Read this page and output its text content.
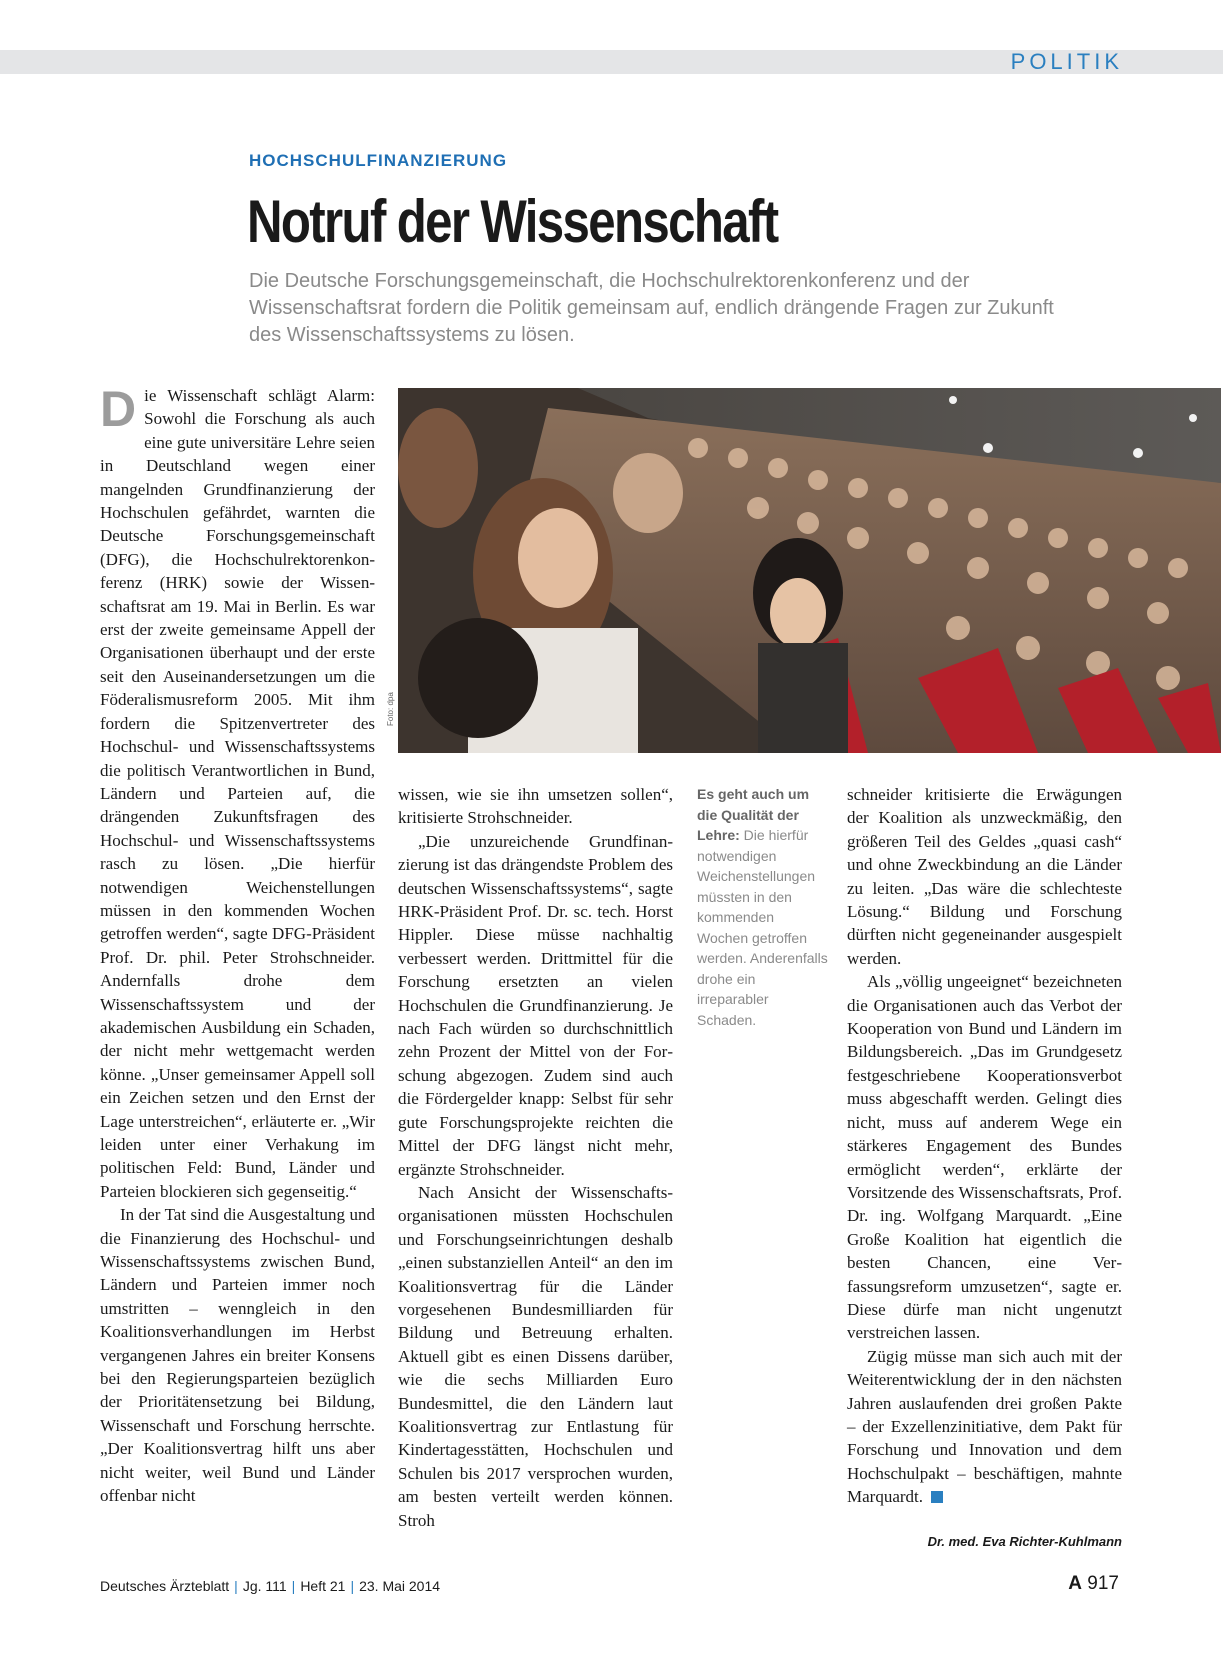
POLITIK
HOCHSCHULFINANZIERUNG
Notruf der Wissenschaft
Die Deutsche Forschungsgemeinschaft, die Hochschulrektorenkonferenz und der Wissenschaftsrat fordern die Politik gemeinsam auf, endlich drängende Fragen zur Zukunft des Wissenschaftssystems zu lösen.

Die Wissenschaft schlägt Alarm: Sowohl die Forschung als auch eine gute universitäre Lehre seien in Deutschland wegen einer mangelnden Grundfinanzierung der Hochschulen gefährdet, warnten die Deutsche Forschungsgemeinschaft (DFG), die Hochschulrektorenkonferenz (HRK) sowie der Wissenschaftsrat am 19. Mai in Berlin. Es war erst der zweite gemeinsame Appell der Organisationen überhaupt und der erste seit den Auseinandersetzungen um die Föderalismusreform 2005. Mit ihm fordern die Spitzenvertreter des Hochschul- und Wissenschaftssystems die politisch Verantwortlichen in Bund, Ländern und Parteien auf, die drängenden Zukunftsfragen des Hochschul- und Wissenschaftssystems rasch zu lösen. „Die hierfür notwendigen Weichenstellungen müssen in den kommenden Wochen getroffen werden“, sagte DFG-Präsident Prof. Dr. phil. Peter Strohschneider. Andernfalls drohe dem Wissenschaftssystem und der akademischen Ausbildung ein Schaden, der nicht mehr wettgemacht werden könne. „Unser gemeinsamer Appell soll ein Zeichen setzen und den Ernst der Lage unterstreichen“, erläuterte er. „Wir leiden unter einer Verhakung im politischen Feld: Bund, Länder und Parteien blockieren sich gegenseitig.“

In der Tat sind die Ausgestaltung und die Finanzierung des Hochschul- und Wissenschaftssystems zwischen Bund, Ländern und Parteien immer noch umstritten – wenngleich in den Koalitionsverhandlungen im Herbst vergangenen Jahres ein breiter Konsens bei den Regierungsparteien bezüglich der Prioritätensetzung bei Bildung, Wissenschaft und Forschung herrschte. „Der Koalitionsvertrag hilft uns aber nicht weiter, weil Bund und Länder offenbar nicht

Foto: dpa

wissen, wie sie ihn umsetzen sollen“, kritisierte Strohschneider.

„Die unzureichende Grundfinanzierung ist das drängendste Problem des deutschen Wissenschaftssystems“, sagte HRK-Präsident Prof. Dr. sc. tech. Horst Hippler. Diese müsse nachhaltig verbessert werden. Drittmittel für die Forschung ersetzten an vielen Hochschulen die Grundfinanzierung. Je nach Fach würden so durchschnittlich zehn Prozent der Mittel von der Forschung abgezogen. Zudem sind auch die Fördergelder knapp: Selbst für sehr gute Forschungsprojekte reichten die Mittel der DFG längst nicht mehr, ergänzte Strohschneider.

Nach Ansicht der Wissenschaftsorganisationen müssten Hochschulen und Forschungseinrichtungen deshalb „einen substanziellen Anteil“ an den im Koalitionsvertrag für die Länder vorgesehenen Bundesmilliarden für Bildung und Betreuung erhalten. Aktuell gibt es einen Dissens darüber, wie die sechs Milliarden Euro Bundesmittel, die den Ländern laut Koalitionsvertrag zur Entlastung für Kindertagesstätten, Hochschulen und Schulen bis 2017 versprochen wurden, am besten verteilt werden können. Stroh

Es geht auch um die Qualität der Lehre: Die hierfür notwendigen Weichenstellungen müssten in den kommenden Wochen getroffen werden. Anderenfalls drohe ein irreparabler Schaden.

schneider kritisierte die Erwägungen der Koalition als unzweckmäßig, den größeren Teil des Geldes „quasi cash“ und ohne Zweckbindung an die Länder zu leiten. „Das wäre die schlechteste Lösung.“ Bildung und Forschung dürften nicht gegeneinander ausgespielt werden.

Als „völlig ungeeignet“ bezeichneten die Organisationen auch das Verbot der Kooperation von Bund und Ländern im Bildungsbereich. „Das im Grundgesetz festgeschriebene Kooperationsverbot muss abgeschafft werden. Gelingt dies nicht, muss auf anderem Wege ein stärkeres Engagement des Bundes ermöglicht werden“, erklärte der Vorsitzende des Wissenschaftsrats, Prof. Dr. ing. Wolfgang Marquardt. „Eine Große Koalition hat eigentlich die besten Chancen, eine Verfassungsreform umzusetzen“, sagte er. Diese dürfe man nicht ungenutzt verstreichen lassen.

Zügig müsse man sich auch mit der Weiterentwicklung der in den nächsten Jahren auslaufenden drei großen Pakte – der Exzellenzinitiative, dem Pakt für Forschung und Innovation und dem Hochschulpakt – beschäftigen, mahnte Marquardt.

Dr. med. Eva Richter-Kuhlmann
Deutsches Ärzteblatt | Jg. 111 | Heft 21 | 23. Mai 2014	A 917
